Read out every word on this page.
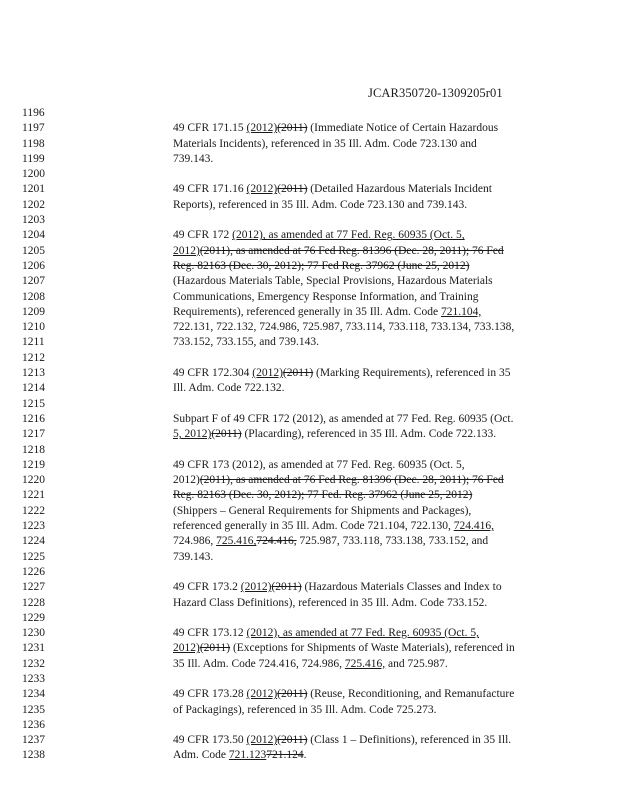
JCAR350720-1309205r01
1196
1197
1198
1199
1200
1201
1202
1203
1204
1205
1206
1207
1208
1209
1210
1211
1212
1213
1214
1215
1216
1217
1218
1219
1220
1221
1222
1223
1224
1225
1226
1227
1228
1229
1230
1231
1232
1233
1234
1235
1236
1237
1238
49 CFR 171.15 (2012)(2011) (Immediate Notice of Certain Hazardous
Materials Incidents), referenced in 35 Ill. Adm. Code 723.130 and
739.143.
49 CFR 171.16 (2012)(2011) (Detailed Hazardous Materials Incident
Reports), referenced in 35 Ill. Adm. Code 723.130 and 739.143.
49 CFR 172 (2012), as amended at 77 Fed. Reg. 60935 (Oct. 5,
2012)(2011), as amended at 76 Fed Reg. 81396 (Dec. 28, 2011); 76 Fed
Reg. 82163 (Dec. 30, 2012); 77 Fed Reg. 37962 (June 25, 2012)
(Hazardous Materials Table, Special Provisions, Hazardous Materials
Communications, Emergency Response Information, and Training
Requirements), referenced generally in 35 Ill. Adm. Code 721.104,
722.131, 722.132, 724.986, 725.987, 733.114, 733.118, 733.134, 733.138,
733.152, 733.155, and 739.143.
49 CFR 172.304 (2012)(2011) (Marking Requirements), referenced in 35
Ill. Adm. Code 722.132.
Subpart F of 49 CFR 172 (2012), as amended at 77 Fed. Reg. 60935 (Oct.
5, 2012)(2011) (Placarding), referenced in 35 Ill. Adm. Code 722.133.
49 CFR 173 (2012), as amended at 77 Fed. Reg. 60935 (Oct. 5,
2012)(2011), as amended at 76 Fed Reg. 81396 (Dec. 28, 2011); 76 Fed
Reg. 82163 (Dec. 30, 2012); 77 Fed. Reg. 37962 (June 25, 2012)
(Shippers – General Requirements for Shipments and Packages),
referenced generally in 35 Ill. Adm. Code 721.104, 722.130, 724.416,
724.986, 725.416,724.416, 725.987, 733.118, 733.138, 733.152, and
739.143.
49 CFR 173.2 (2012)(2011) (Hazardous Materials Classes and Index to
Hazard Class Definitions), referenced in 35 Ill. Adm. Code 733.152.
49 CFR 173.12 (2012), as amended at 77 Fed. Reg. 60935 (Oct. 5,
2012)(2011) (Exceptions for Shipments of Waste Materials), referenced in
35 Ill. Adm. Code 724.416, 724.986, 725.416, and 725.987.
49 CFR 173.28 (2012)(2011) (Reuse, Reconditioning, and Remanufacture
of Packagings), referenced in 35 Ill. Adm. Code 725.273.
49 CFR 173.50 (2012)(2011) (Class 1 – Definitions), referenced in 35 Ill.
Adm. Code 721.123721.124.
